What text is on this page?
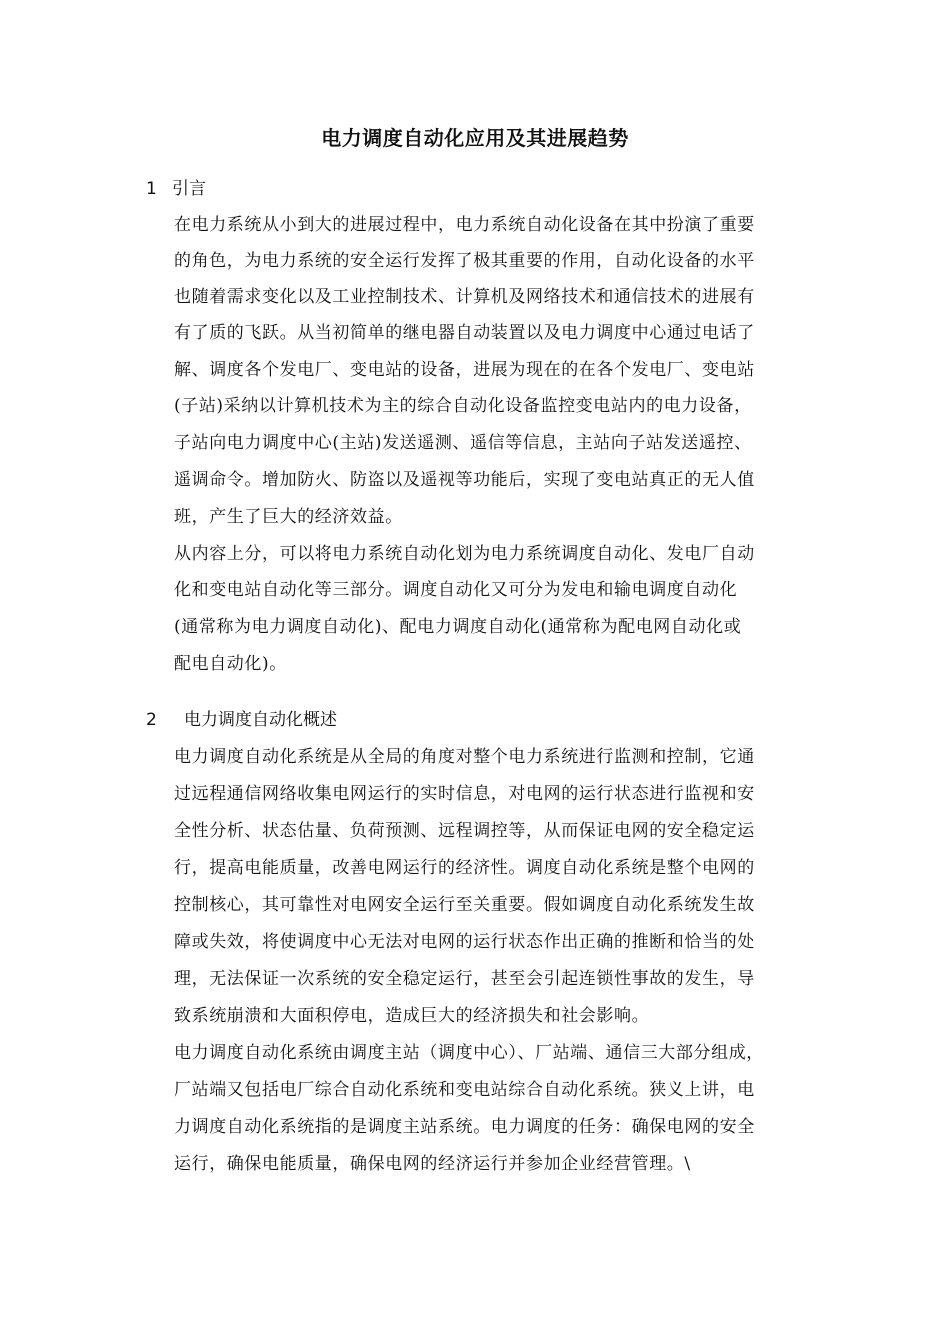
电力调度自动化应用及其进展趋势
1 引言
在电力系统从小到大的进展过程中，电力系统自动化设备在其中扮演了重要
的角色，为电力系统的安全运行发挥了极其重要的作用，自动化设备的水平
也随着需求变化以及工业控制技术、计算机及网络技术和通信技术的进展有
有了质的飞跃。从当初简单的继电器自动装置以及电力调度中心通过电话了
解、调度各个发电厂、变电站的设备，进展为现在的在各个发电厂、变电站
(子站)采纳以计算机技术为主的综合自动化设备监控变电站内的电力设备，
子站向电力调度中心(主站)发送遥测、遥信等信息，主站向子站发送遥控、
遥调命令。增加防火、防盗以及遥视等功能后，实现了变电站真正的无人值
班，产生了巨大的经济效益。
从内容上分，可以将电力系统自动化划为电力系统调度自动化、发电厂自动
化和变电站自动化等三部分。调度自动化又可分为发电和输电调度自动化
(通常称为电力调度自动化)、配电力调度自动化(通常称为配电网自动化或
配电自动化)。
2 电力调度自动化概述
电力调度自动化系统是从全局的角度对整个电力系统进行监测和控制，它通
过远程通信网络收集电网运行的实时信息，对电网的运行状态进行监视和安
全性分析、状态估量、负荷预测、远程调控等，从而保证电网的安全稳定运
行，提高电能质量，改善电网运行的经济性。调度自动化系统是整个电网的
控制核心，其可靠性对电网安全运行至关重要。假如调度自动化系统发生故
障或失效，将使调度中心无法对电网的运行状态作出正确的推断和恰当的处
理，无法保证一次系统的安全稳定运行，甚至会引起连锁性事故的发生，导
致系统崩溃和大面积停电，造成巨大的经济损失和社会影响。
电力调度自动化系统由调度主站（调度中心）、厂站端、通信三大部分组成，
厂站端又包括电厂综合自动化系统和变电站综合自动化系统。狭义上讲，电
力调度自动化系统指的是调度主站系统。电力调度的任务：确保电网的安全
运行，确保电能质量，确保电网的经济运行并参加企业经营管理。\
